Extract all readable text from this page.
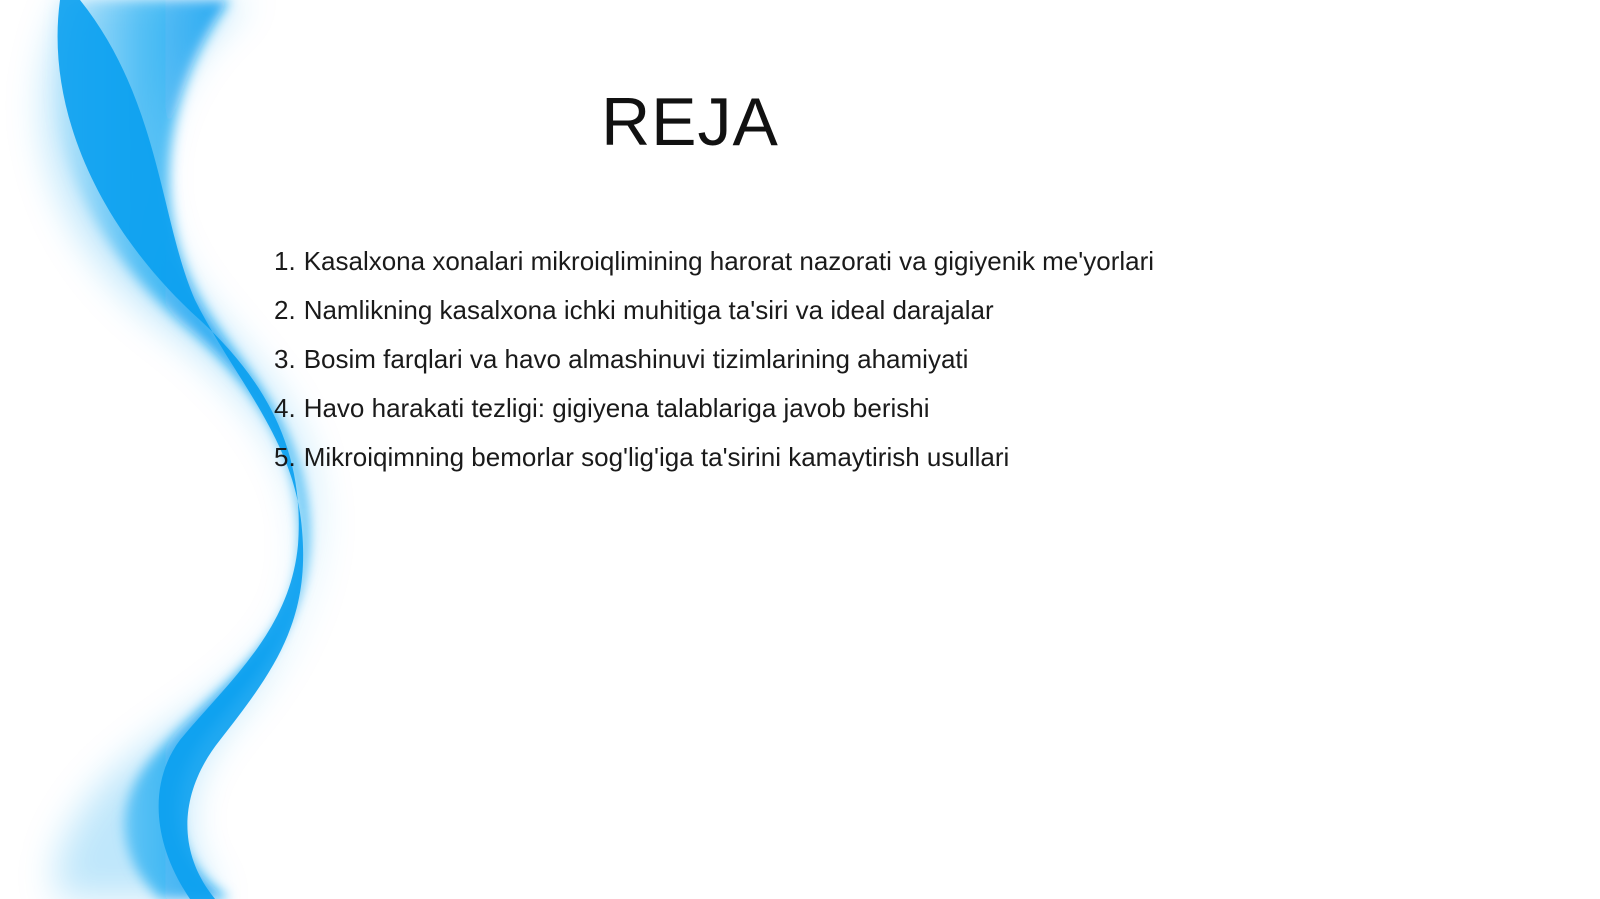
REJA
1. Kasalxona xonalari mikroiqlimining harorat nazorati va gigiyenik me'yorlari
2. Namlikning kasalxona ichki muhitiga ta'siri va ideal darajalar
3. Bosim farqlari va havo almashinuvi tizimlarining ahamiyati
4. Havo harakati tezligi: gigiyena talablariga javob berishi
5. Mikroiqimning bemorlar sog'lig'iga ta'sirini kamaytirish usullari
